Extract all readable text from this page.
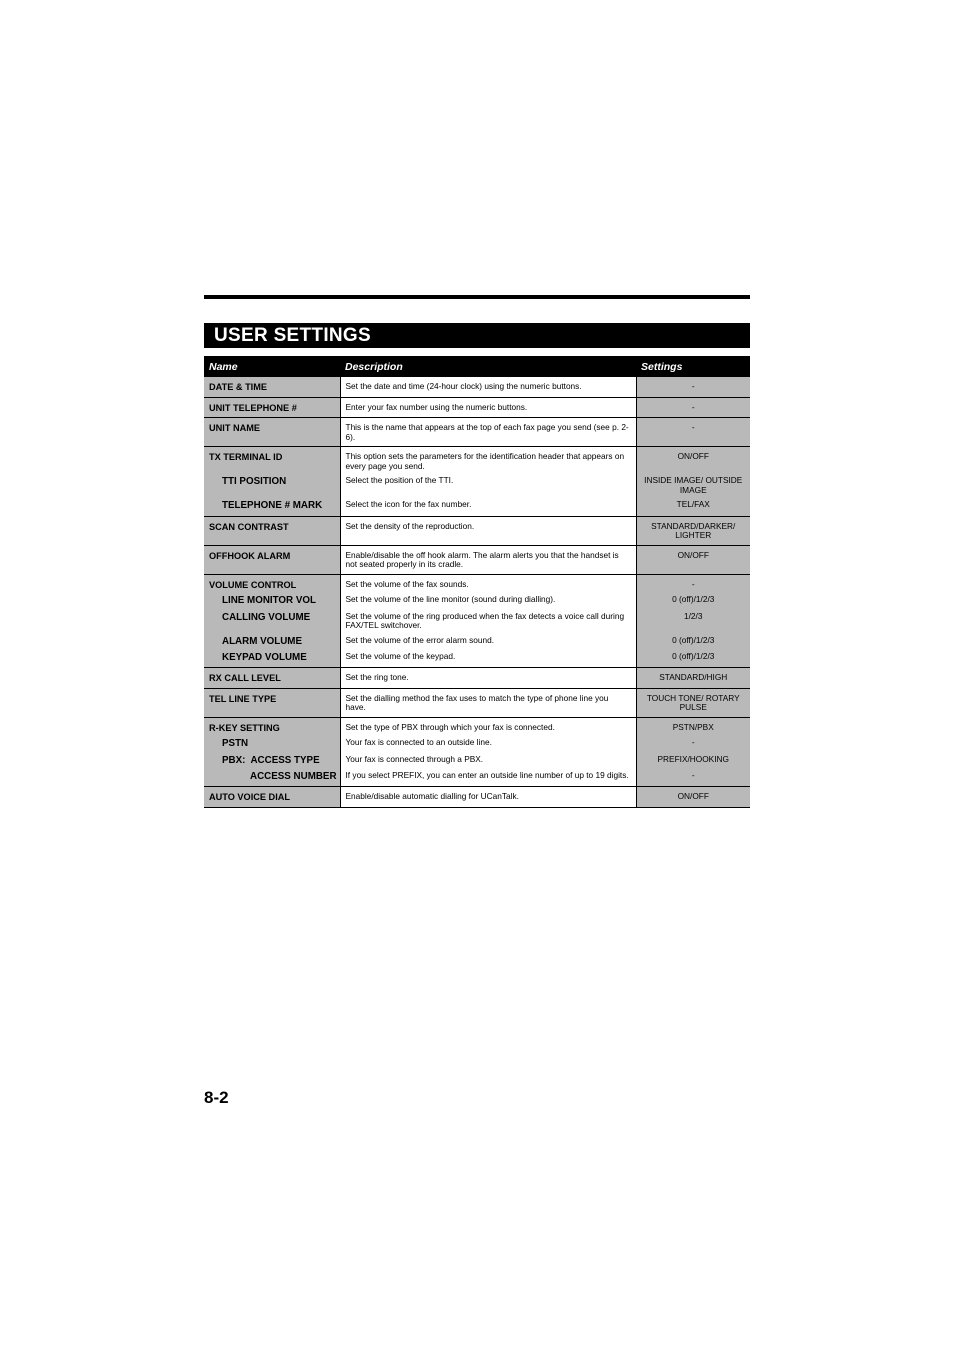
USER SETTINGS
Name	Description	Settings
DATE & TIME	Set the date and time (24-hour clock) using the numeric buttons.	-
UNIT TELEPHONE #	Enter your fax number using the numeric buttons.	-
UNIT NAME	This is the name that appears at the top of each fax page you send (see p. 2-6).	-
TX TERMINAL ID	This option sets the parameters for the identification header that appears on every page you send.	ON/OFF
TTI POSITION	Select the position of the TTI.	INSIDE IMAGE/ OUTSIDE IMAGE
TELEPHONE # MARK	Select the icon for the fax number.	TEL/FAX
SCAN CONTRAST	Set the density of the reproduction.	STANDARD/DARKER/ LIGHTER
OFFHOOK ALARM	Enable/disable the off hook alarm. The alarm alerts you that the handset is not seated properly in its cradle.	ON/OFF
VOLUME CONTROL	Set the volume of the fax sounds.	-
LINE MONITOR VOL	Set the volume of the line monitor (sound during dialling).	0 (off)/1/2/3
CALLING VOLUME	Set the volume of the ring produced when the fax detects a voice call during FAX/TEL switchover.	1/2/3
ALARM VOLUME	Set the volume of the error alarm sound.	0 (off)/1/2/3
KEYPAD VOLUME	Set the volume of the keypad.	0 (off)/1/2/3
RX CALL LEVEL	Set the ring tone.	STANDARD/HIGH
TEL LINE TYPE	Set the dialling method the fax uses to match the type of phone line you have.	TOUCH TONE/ ROTARY PULSE
R-KEY SETTING	Set the type of PBX through which your fax is connected.	PSTN/PBX
PSTN	Your fax is connected to an outside line.	-
PBX:  ACCESS TYPE	Your fax is connected through a PBX.	PREFIX/HOOKING
ACCESS NUMBER	If you select PREFIX, you can enter an outside line number of up to 19 digits.	-
AUTO VOICE DIAL	Enable/disable automatic dialling for UCanTalk.	ON/OFF
8-2
